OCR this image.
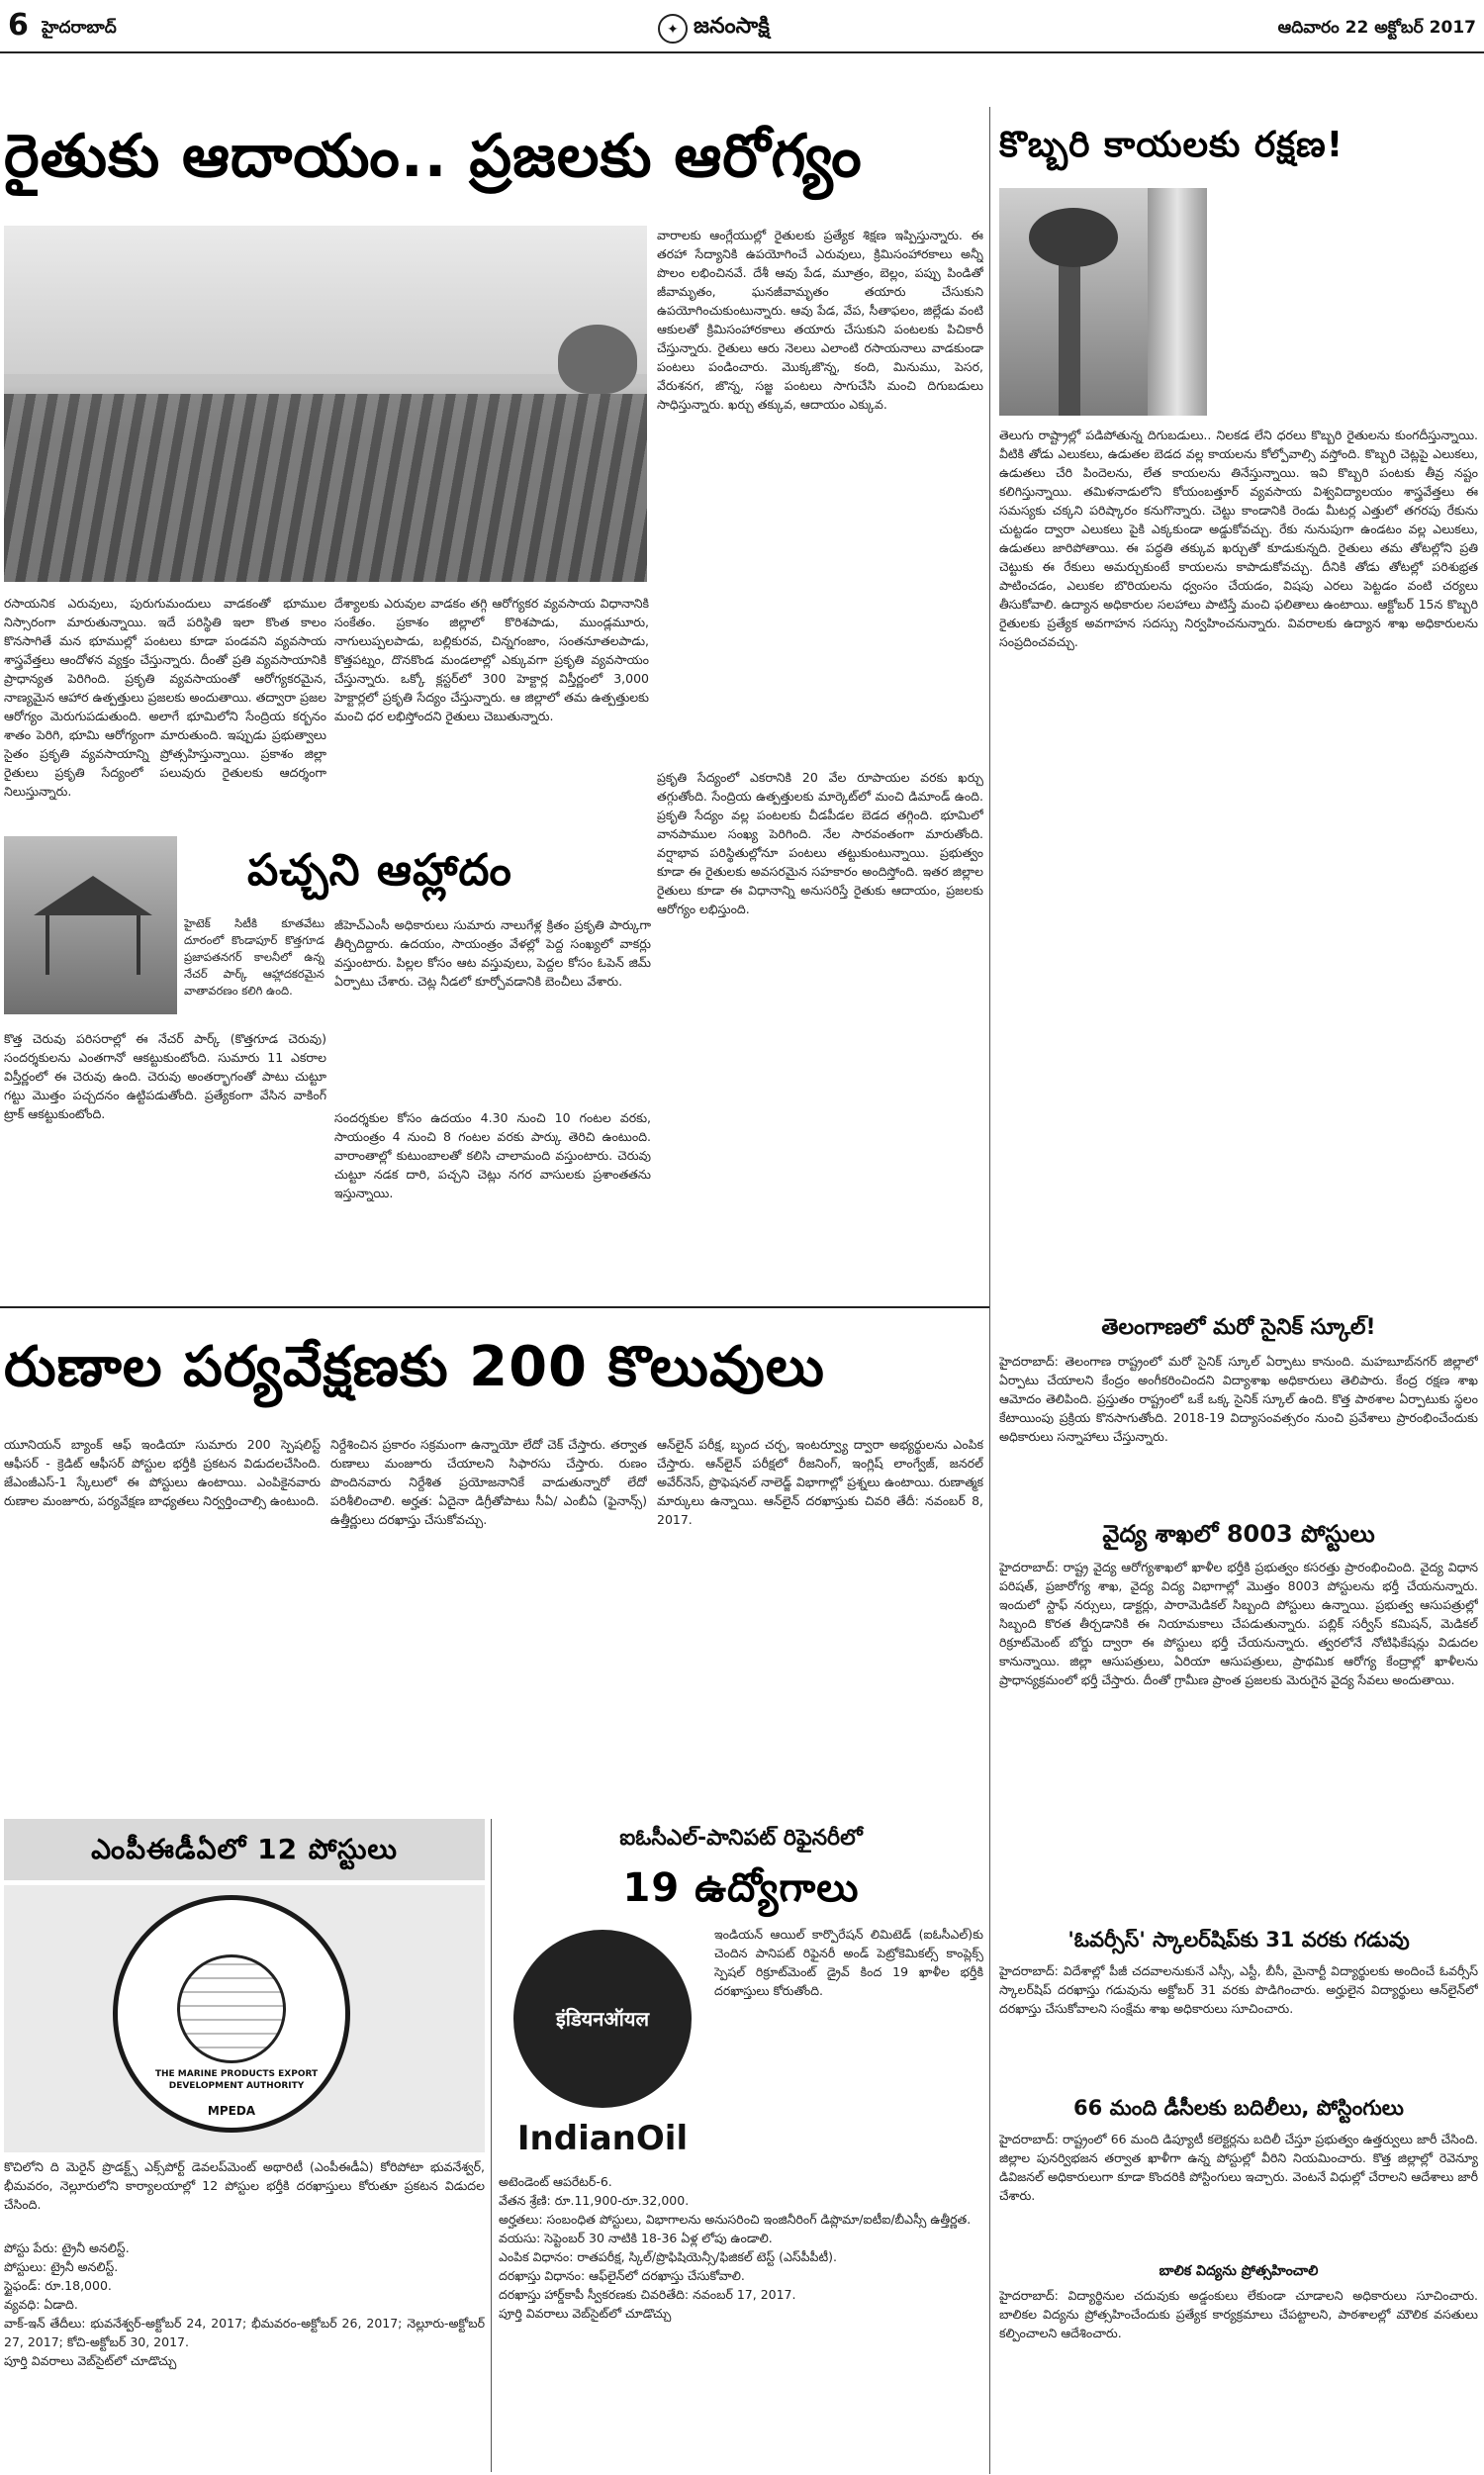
6 హైదరాబాద్	✦ జనంసాక్షి	ఆదివారం 22 అక్టోబర్ 2017
రైతుకు ఆదాయం.. ప్రజలకు ఆరోగ్యం
రసాయనిక ఎరువులు, పురుగుమందులు వాడకంతో భూముల నిస్సారంగా మారుతున్నాయి. ఇదే పరిస్థితి ఇలా కొంత కాలం కొనసాగితే మన భూముల్లో పంటలు కూడా పండవని వ్యవసాయ శాస్త్రవేత్తలు ఆందోళన వ్యక్తం చేస్తున్నారు. దీంతో ప్రతి వ్యవసాయానికి ప్రాధాన్యత పెరిగింది. ప్రకృతి వ్యవసాయంతో ఆరోగ్యకరమైన, నాణ్యమైన ఆహార ఉత్పత్తులు ప్రజలకు అందుతాయి. తద్వారా ప్రజల ఆరోగ్యం మెరుగుపడుతుంది. అలాగే భూమిలోని సేంద్రియ కర్బనం శాతం పెరిగి, భూమి ఆరోగ్యంగా మారుతుంది. ఇప్పుడు ప్రభుత్వాలు సైతం ప్రకృతి వ్యవసాయాన్ని ప్రోత్సహిస్తున్నాయి. ప్రకాశం జిల్లా రైతులు ప్రకృతి సేద్యంలో పలువురు రైతులకు ఆదర్శంగా నిలుస్తున్నారు.
దేశ్యాలకు ఎరువుల వాడకం తగ్గి ఆరోగ్యకర వ్యవసాయ విధానానికి సంకేతం. ప్రకాశం జిల్లాలో కొరిశపాడు, ముండ్లమూరు, నాగులుప్పలపాడు, బల్లికురవ, చిన్నగంజాం, సంతనూతలపాడు, కొత్తపట్నం, దొనకొండ మండలాల్లో ఎక్కువగా ప్రకృతి వ్యవసాయం చేస్తున్నారు. ఒక్కో క్లస్టర్‌లో 300 హెక్టార్ల విస్తీర్ణంలో 3,000 హెక్టార్లలో ప్రకృతి సేద్యం చేస్తున్నారు. ఆ జిల్లాలో తమ ఉత్పత్తులకు మంచి ధర లభిస్తోందని రైతులు చెబుతున్నారు.
వారాలకు ఆంగ్లేయుల్లో రైతులకు ప్రత్యేక శిక్షణ ఇప్పిస్తున్నారు. ఈ తరహా సేద్యానికి ఉపయోగించే ఎరువులు, క్రిమిసంహారకాలు అన్నీ పొలం లభించినవే. దేశీ ఆవు పేడ, మూత్రం, బెల్లం, పప్పు పిండితో జీవామృతం, ఘనజీవామృతం తయారు చేసుకుని ఉపయోగించుకుంటున్నారు. ఆవు పేడ, వేప, సీతాఫలం, జిల్లేడు వంటి ఆకులతో క్రిమిసంహారకాలు తయారు చేసుకుని పంటలకు పిచికారీ చేస్తున్నారు. రైతులు ఆరు నెలలు ఎలాంటి రసాయనాలు వాడకుండా పంటలు పండించారు. మొక్కజొన్న, కంది, మినుము, పెసర, వేరుశనగ, జొన్న, సజ్జ పంటలు సాగుచేసి మంచి దిగుబడులు సాధిస్తున్నారు. ఖర్చు తక్కువ, ఆదాయం ఎక్కువ.
ప్రకృతి సేద్యంలో ఎకరానికి 20 వేల రూపాయల వరకు ఖర్చు తగ్గుతోంది. సేంద్రియ ఉత్పత్తులకు మార్కెట్‌లో మంచి డిమాండ్ ఉంది. ప్రకృతి సేద్యం వల్ల పంటలకు చీడపీడల బెడద తగ్గింది. భూమిలో వానపాముల సంఖ్య పెరిగింది. నేల సారవంతంగా మారుతోంది. వర్షాభావ పరిస్థితుల్లోనూ పంటలు తట్టుకుంటున్నాయి. ప్రభుత్వం కూడా ఈ రైతులకు అవసరమైన సహకారం అందిస్తోంది. ఇతర జిల్లాల రైతులు కూడా ఈ విధానాన్ని అనుసరిస్తే రైతుకు ఆదాయం, ప్రజలకు ఆరోగ్యం లభిస్తుంది.
పచ్చని ఆహ్లాదం
హైటెక్ సిటీకి కూతవేటు దూరంలో కొండాపూర్ కొత్తగూడ ప్రజాపతనగర్ కాలనీలో ఉన్న నేచర్ పార్క్ ఆహ్లాదకరమైన వాతావరణం కలిగి ఉంది.
కొత్త చెరువు పరిసరాల్లో ఈ నేచర్ పార్క్ (కొత్తగూడ చెరువు) సందర్శకులను ఎంతగానో ఆకట్టుకుంటోంది. సుమారు 11 ఎకరాల విస్తీర్ణంలో ఈ చెరువు ఉంది. చెరువు అంతర్భాగంతో పాటు చుట్టూ గట్టు మొత్తం పచ్చదనం ఉట్టిపడుతోంది. ప్రత్యేకంగా వేసిన వాకింగ్ ట్రాక్ ఆకట్టుకుంటోంది.
జీహెచ్ఎంసీ అధికారులు సుమారు నాలుగేళ్ల క్రితం ప్రకృతి పార్కుగా తీర్చిదిద్దారు. ఉదయం, సాయంత్రం వేళల్లో పెద్ద సంఖ్యలో వాకర్లు వస్తుంటారు. పిల్లల కోసం ఆట వస్తువులు, పెద్దల కోసం ఓపెన్ జిమ్ ఏర్పాటు చేశారు. చెట్ల నీడలో కూర్చోవడానికి బెంచీలు వేశారు.
సందర్శకుల కోసం ఉదయం 4.30 నుంచి 10 గంటల వరకు, సాయంత్రం 4 నుంచి 8 గంటల వరకు పార్కు తెరిచి ఉంటుంది. వారాంతాల్లో కుటుంబాలతో కలిసి చాలామంది వస్తుంటారు. చెరువు చుట్టూ నడక దారి, పచ్చని చెట్లు నగర వాసులకు ప్రశాంతతను ఇస్తున్నాయి.
కొబ్బరి కాయలకు రక్షణ!
తెలుగు రాష్ట్రాల్లో పడిపోతున్న దిగుబడులు.. నిలకడ లేని ధరలు కొబ్బరి రైతులను కుంగదీస్తున్నాయి. వీటికి తోడు ఎలుకలు, ఉడుతల బెడద వల్ల కాయలను కోల్పోవాల్సి వస్తోంది. కొబ్బరి చెట్లపై ఎలుకలు, ఉడుతలు చేరి పిందెలను, లేత కాయలను తినేస్తున్నాయి. ఇవి కొబ్బరి పంటకు తీవ్ర నష్టం కలిగిస్తున్నాయి. తమిళనాడులోని కోయంబత్తూర్ వ్యవసాయ విశ్వవిద్యాలయం శాస్త్రవేత్తలు ఈ సమస్యకు చక్కని పరిష్కారం కనుగొన్నారు. చెట్టు కాండానికి రెండు మీటర్ల ఎత్తులో తగరపు రేకును చుట్టడం ద్వారా ఎలుకలు పైకి ఎక్కకుండా అడ్డుకోవచ్చు. రేకు నునుపుగా ఉండటం వల్ల ఎలుకలు, ఉడుతలు జారిపోతాయి. ఈ పద్ధతి తక్కువ ఖర్చుతో కూడుకున్నది. రైతులు తమ తోటల్లోని ప్రతి చెట్టుకు ఈ రేకులు అమర్చుకుంటే కాయలను కాపాడుకోవచ్చు. దీనికి తోడు తోటల్లో పరిశుభ్రత పాటించడం, ఎలుకల బొరియలను ధ్వంసం చేయడం, విషపు ఎరలు పెట్టడం వంటి చర్యలు తీసుకోవాలి. ఉద్యాన అధికారుల సలహాలు పాటిస్తే మంచి ఫలితాలు ఉంటాయి. ఆక్టోబర్ 15న కొబ్బరి రైతులకు ప్రత్యేక అవగాహన సదస్సు నిర్వహించనున్నారు. వివరాలకు ఉద్యాన శాఖ అధికారులను సంప్రదించవచ్చు.
రుణాల పర్యవేక్షణకు 200 కొలువులు
యూనియన్ బ్యాంక్ ఆఫ్ ఇండియా సుమారు 200 స్పెషలిస్ట్ ఆఫీసర్ - క్రెడిట్ ఆఫీసర్ పోస్టుల భర్తీకి ప్రకటన విడుదలచేసింది. జేఎంజీఎస్-1 స్కేలులో ఈ పోస్టులు ఉంటాయి. ఎంపికైనవారు రుణాల మంజూరు, పర్యవేక్షణ బాధ్యతలు నిర్వర్తించాల్సి ఉంటుంది.
నిర్దేశించిన ప్రకారం సక్రమంగా ఉన్నాయో లేదో చెక్ చేస్తారు. తర్వాత రుణాలు మంజూరు చేయాలని సిఫారసు చేస్తారు. రుణం పొందినవారు నిర్దేశిత ప్రయోజనానికే వాడుతున్నారో లేదో పరిశీలించాలి. అర్హత: ఏదైనా డిగ్రీతోపాటు సీఏ/ ఎంబీఏ (ఫైనాన్స్) ఉత్తీర్ణులు దరఖాస్తు చేసుకోవచ్చు.
ఆన్‌లైన్ పరీక్ష, బృంద చర్చ, ఇంటర్వ్యూ ద్వారా అభ్యర్థులను ఎంపిక చేస్తారు. ఆన్‌లైన్ పరీక్షలో రీజనింగ్, ఇంగ్లిష్ లాంగ్వేజ్, జనరల్ అవేర్‌నెస్, ప్రొఫెషనల్ నాలెడ్జ్ విభాగాల్లో ప్రశ్నలు ఉంటాయి. రుణాత్మక మార్కులు ఉన్నాయి. ఆన్‌లైన్ దరఖాస్తుకు చివరి తేదీ: నవంబర్ 8, 2017.
ఎంపీఈడీఏలో 12 పోస్టులు
THE MARINE PRODUCTS EXPORT DEVELOPMENT AUTHORITY
MPEDA
కొచిలోని ది మెరైన్ ప్రొడక్ట్స్ ఎక్స్‌పోర్ట్ డెవలప్‌మెంట్ అథారిటీ (ఎంపీఈడీఏ) కోరిపోటా భువనేశ్వర్, భీమవరం, నెల్లూరులోని కార్యాలయాల్లో 12 పోస్టుల భర్తీకి దరఖాస్తులు కోరుతూ ప్రకటన విడుదల చేసింది.
పోస్టు పేరు: ట్రైనీ అనలిస్ట్.
పోస్టులు: ట్రైనీ అనలిస్ట్.
స్టైఫండ్: రూ.18,000.
వ్యవధి: ఏడాది.
వాక్-ఇన్ తేదీలు: భువనేశ్వర్-అక్టోబర్ 24, 2017; భీమవరం-అక్టోబర్ 26, 2017; నెల్లూరు-అక్టోబర్ 27, 2017; కోచి-అక్టోబర్ 30, 2017.
పూర్తి వివరాలు వెబ్‌సైట్‌లో చూడొచ్చు
ఐఓసీఎల్-పానిపట్ రిఫైనరీలో
19 ఉద్యోగాలు
इंडियनऑयल
IndianOil
ఇండియన్ ఆయిల్ కార్పొరేషన్ లిమిటెడ్ (ఐఓసీఎల్)కు చెందిన పానిపట్ రిఫైనరీ అండ్ పెట్రోకెమికల్స్ కాంప్లెక్స్ స్పెషల్ రిక్రూట్‌మెంట్ డ్రైవ్ కింద 19 ఖాళీల భర్తీకి దరఖాస్తులు కోరుతోంది.
అటెండెంట్ ఆపరేటర్-6.
వేతన శ్రేణి: రూ.11,900-రూ.32,000.
అర్హతలు: సంబంధిత పోస్టులు, విభాగాలను అనుసరించి ఇంజినీరింగ్ డిప్లొమా/ఐటీఐ/బీఎస్సీ ఉత్తీర్ణత.
వయసు: సెప్టెంబర్ 30 నాటికి 18-36 ఏళ్ల లోపు ఉండాలి.
ఎంపిక విధానం: రాతపరీక్ష, స్కిల్/ప్రొఫిషియెన్సీ/ఫిజికల్ టెస్ట్ (ఎస్‌పీపీటీ).
దరఖాస్తు విధానం: ఆఫ్‌లైన్‌లో దరఖాస్తు చేసుకోవాలి.
దరఖాస్తు హార్డ్‌కాపీ స్వీకరణకు చివరితేది: నవంబర్ 17, 2017.
పూర్తి వివరాలు వెబ్‌సైట్‌లో చూడొచ్చు
తెలంగాణలో మరో సైనిక్ స్కూల్!
హైదరాబాద్: తెలంగాణ రాష్ట్రంలో మరో సైనిక్ స్కూల్ ఏర్పాటు కానుంది. మహబూబ్‌నగర్ జిల్లాలో ఏర్పాటు చేయాలని కేంద్రం అంగీకరించిందని విద్యాశాఖ అధికారులు తెలిపారు. కేంద్ర రక్షణ శాఖ ఆమోదం తెలిపింది. ప్రస్తుతం రాష్ట్రంలో ఒకే ఒక్క సైనిక్ స్కూల్ ఉంది. కొత్త పాఠశాల ఏర్పాటుకు స్థలం కేటాయింపు ప్రక్రియ కొనసాగుతోంది. 2018-19 విద్యాసంవత్సరం నుంచి ప్రవేశాలు ప్రారంభించేందుకు అధికారులు సన్నాహాలు చేస్తున్నారు.
వైద్య శాఖలో 8003 పోస్టులు
హైదరాబాద్: రాష్ట్ర వైద్య ఆరోగ్యశాఖలో ఖాళీల భర్తీకి ప్రభుత్వం కసరత్తు ప్రారంభించింది. వైద్య విధాన పరిషత్, ప్రజారోగ్య శాఖ, వైద్య విద్య విభాగాల్లో మొత్తం 8003 పోస్టులను భర్తీ చేయనున్నారు. ఇందులో స్టాఫ్ నర్సులు, డాక్టర్లు, పారామెడికల్ సిబ్బంది పోస్టులు ఉన్నాయి. ప్రభుత్వ ఆసుపత్రుల్లో సిబ్బంది కొరత తీర్చడానికి ఈ నియామకాలు చేపడుతున్నారు. పబ్లిక్ సర్వీస్ కమిషన్, మెడికల్ రిక్రూట్‌మెంట్ బోర్డు ద్వారా ఈ పోస్టులు భర్తీ చేయనున్నారు. త్వరలోనే నోటిఫికేషన్లు విడుదల కానున్నాయి. జిల్లా ఆసుపత్రులు, ఏరియా ఆసుపత్రులు, ప్రాథమిక ఆరోగ్య కేంద్రాల్లో ఖాళీలను ప్రాధాన్యక్రమంలో భర్తీ చేస్తారు. దీంతో గ్రామీణ ప్రాంత ప్రజలకు మెరుగైన వైద్య సేవలు అందుతాయి.
'ఓవర్సీస్' స్కాలర్‌షిప్‌కు 31 వరకు గడువు
హైదరాబాద్: విదేశాల్లో పీజీ చదవాలనుకునే ఎస్సీ, ఎస్టీ, బీసీ, మైనార్టీ విద్యార్థులకు అందించే ఓవర్సీస్ స్కాలర్‌షిప్ దరఖాస్తు గడువును అక్టోబర్ 31 వరకు పొడిగించారు. అర్హులైన విద్యార్థులు ఆన్‌లైన్‌లో దరఖాస్తు చేసుకోవాలని సంక్షేమ శాఖ అధికారులు సూచించారు.
66 మంది డీసీలకు బదిలీలు, పోస్టింగులు
హైదరాబాద్: రాష్ట్రంలో 66 మంది డిప్యూటీ కలెక్టర్లను బదిలీ చేస్తూ ప్రభుత్వం ఉత్తర్వులు జారీ చేసింది. జిల్లాల పునర్విభజన తర్వాత ఖాళీగా ఉన్న పోస్టుల్లో వీరిని నియమించారు. కొత్త జిల్లాల్లో రెవెన్యూ డివిజనల్ అధికారులుగా కూడా కొందరికి పోస్టింగులు ఇచ్చారు. వెంటనే విధుల్లో చేరాలని ఆదేశాలు జారీ చేశారు.
బాలిక విద్యను ప్రోత్సహించాలి
హైదరాబాద్: విద్యార్థినుల చదువుకు అడ్డంకులు లేకుండా చూడాలని అధికారులు సూచించారు. బాలికల విద్యను ప్రోత్సహించేందుకు ప్రత్యేక కార్యక్రమాలు చేపట్టాలని, పాఠశాలల్లో మౌలిక వసతులు కల్పించాలని ఆదేశించారు.
